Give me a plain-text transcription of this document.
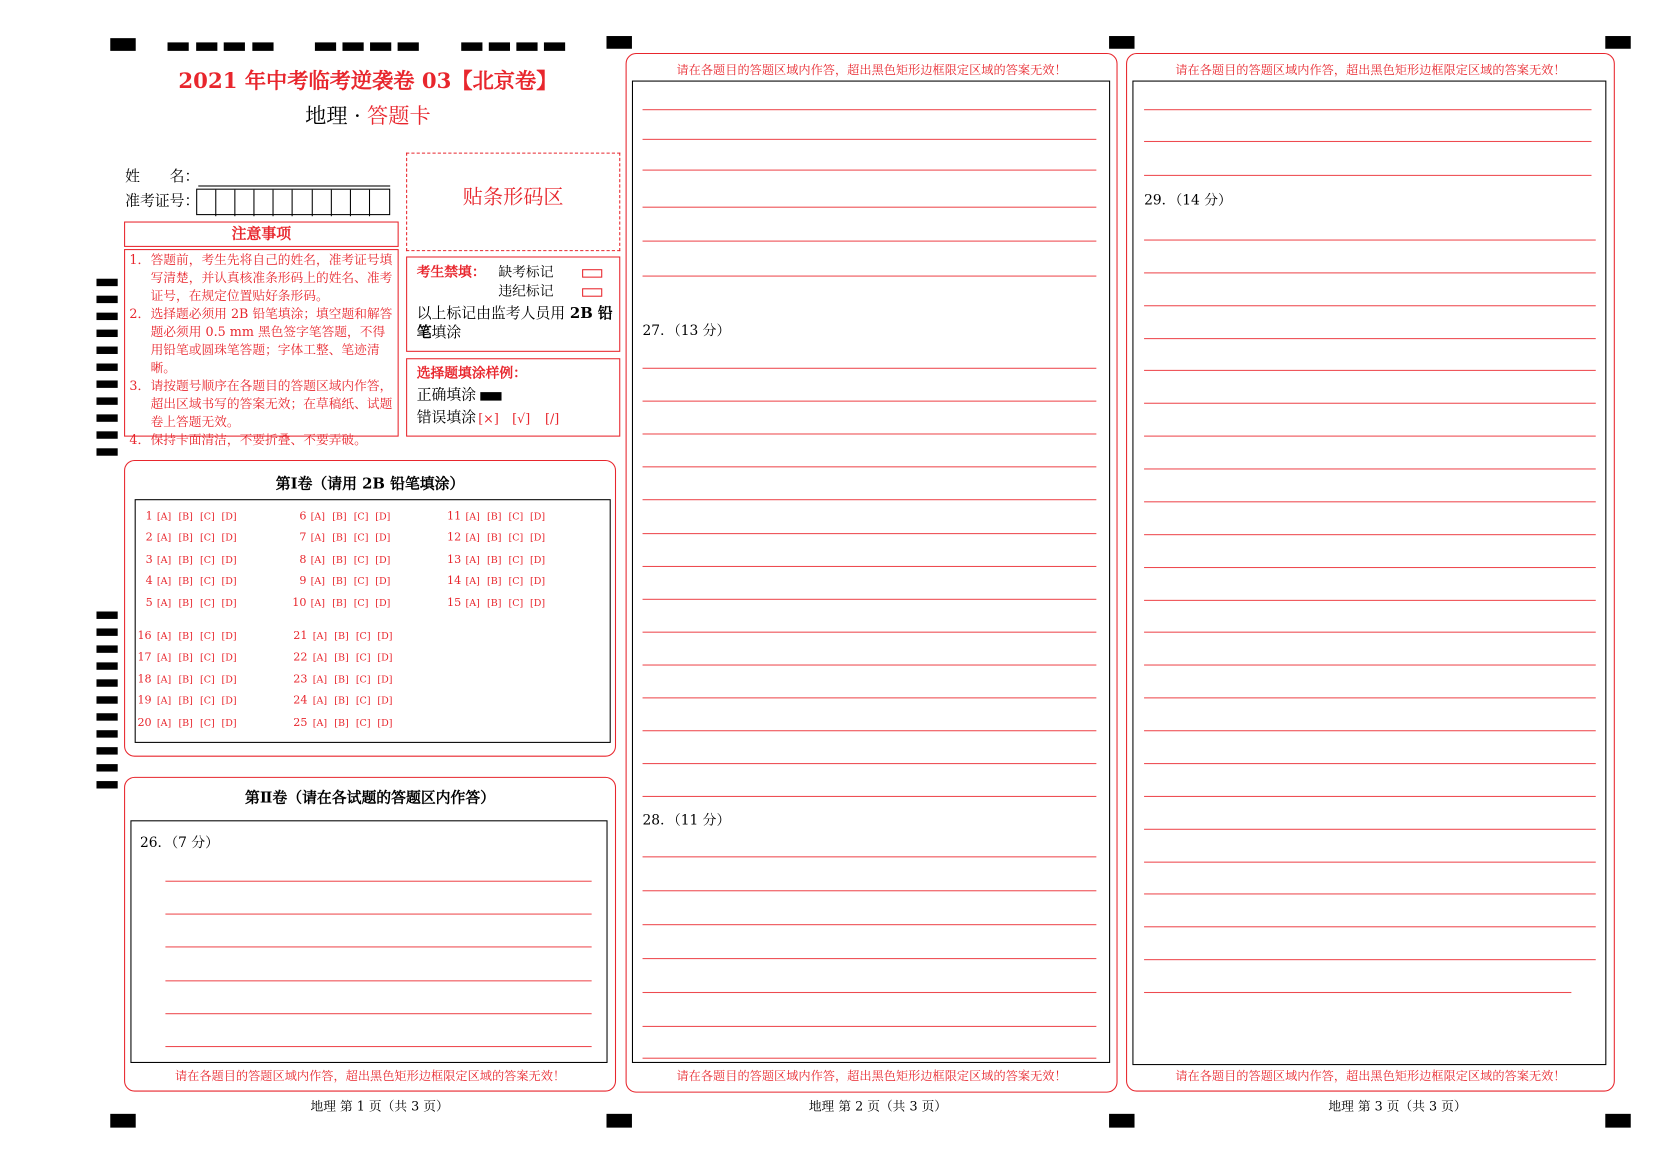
2021 年中考临考逆袭卷 03【北京卷】
地理 · 答题卡
姓　　名：
准考证号：	贴条形码区
注意事项
1． 答题前，考生先将自己的姓名，准考证号填写清楚，并认真核准条形码上的姓名、准考证号，在规定位置贴好条形码。
2． 选择题必须用 2B 铅笔填涂；填空题和解答题必须用 0.5 mm 黑色签字笔答题，不得用铅笔或圆珠笔答题；字体工整、笔迹清晰。
3． 请按题号顺序在各题目的答题区域内作答，超出区域书写的答案无效；在草稿纸、试题卷上答题无效。
4． 保持卡面清洁，不要折叠、不要弄破。
考生禁填： 缺考标记
违纪标记
以上标记由监考人员用 2B 铅笔填涂
选择题填涂样例：
正确填涂
错误填涂 [×] [√] [/]
第Ⅰ卷（请用 2B 铅笔填涂）
第Ⅱ卷（请在各试题的答题区内作答）
26．（7 分）
请在各题目的答题区域内作答，超出黑色矩形边框限定区域的答案无效！
地理 第 1 页（共 3 页）
请在各题目的答题区域内作答，超出黑色矩形边框限定区域的答案无效！
27．（13 分）
28．（11 分）
请在各题目的答题区域内作答，超出黑色矩形边框限定区域的答案无效！
地理 第 2 页（共 3 页）
请在各题目的答题区域内作答，超出黑色矩形边框限定区域的答案无效！
29．（14 分）
请在各题目的答题区域内作答，超出黑色矩形边框限定区域的答案无效！
地理 第 3 页（共 3 页）
1 [A] [B] [C] [D]
2 [A] [B] [C] [D]
3 [A] [B] [C] [D]
4 [A] [B] [C] [D]
5 [A] [B] [C] [D]
6 [A] [B] [C] [D]
7 [A] [B] [C] [D]
8 [A] [B] [C] [D]
9 [A] [B] [C] [D]
10 [A] [B] [C] [D]
11 [A] [B] [C] [D]
12 [A] [B] [C] [D]
13 [A] [B] [C] [D]
14 [A] [B] [C] [D]
15 [A] [B] [C] [D]
16 [A] [B] [C] [D]
17 [A] [B] [C] [D]
18 [A] [B] [C] [D]
19 [A] [B] [C] [D]
20 [A] [B] [C] [D]
21 [A] [B] [C] [D]
22 [A] [B] [C] [D]
23 [A] [B] [C] [D]
24 [A] [B] [C] [D]
25 [A] [B] [C] [D]
